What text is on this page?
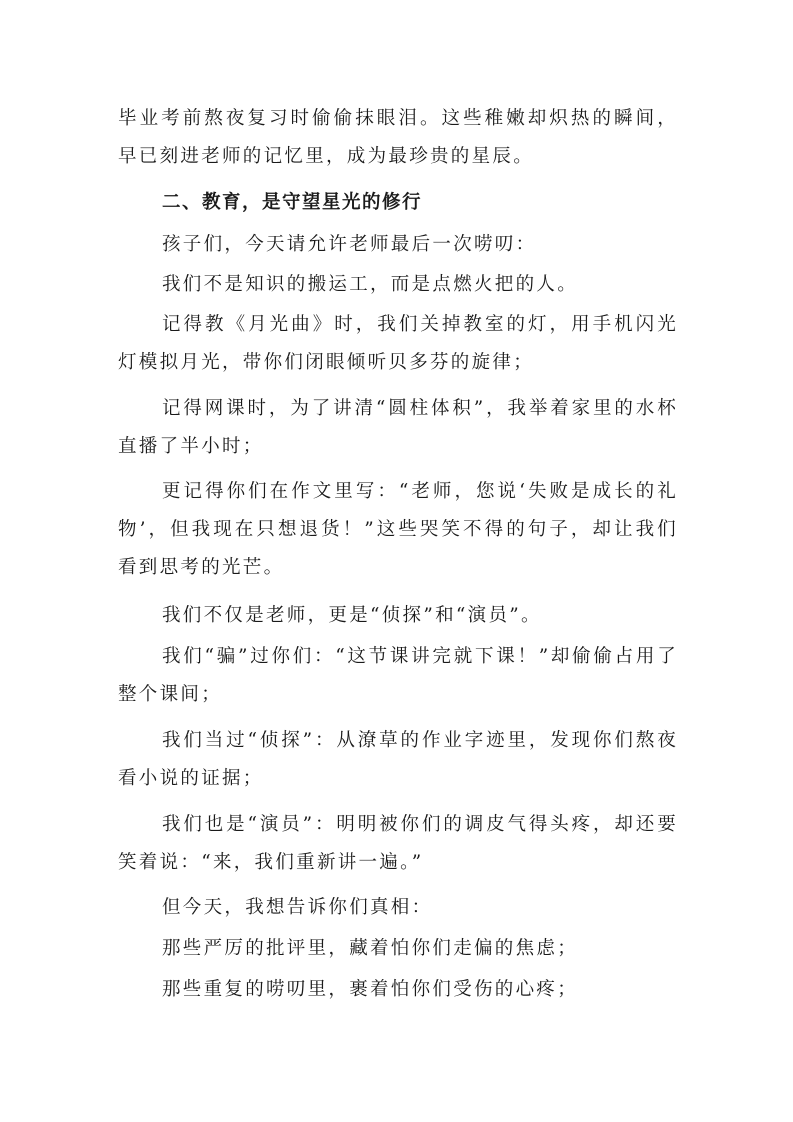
毕业考前熬夜复习时偷偷抹眼泪。这些稚嫩却炽热的瞬间，早已刻进老师的记忆里，成为最珍贵的星辰。

二、教育，是守望星光的修行

孩子们，今天请允许老师最后一次唠叨：

我们不是知识的搬运工，而是点燃火把的人。

记得教《月光曲》时，我们关掉教室的灯，用手机闪光灯模拟月光，带你们闭眼倾听贝多芬的旋律；

记得网课时，为了讲清“圆柱体积”，我举着家里的水杯直播了半小时；

更记得你们在作文里写：“老师，您说‘失败是成长的礼物’，但我现在只想退货！”这些哭笑不得的句子，却让我们看到思考的光芒。

我们不仅是老师，更是“侦探”和“演员”。

我们“骗”过你们：“这节课讲完就下课！”却偷偷占用了整个课间；

我们当过“侦探”：从潦草的作业字迹里，发现你们熬夜看小说的证据；

我们也是“演员”：明明被你们的调皮气得头疼，却还要笑着说：“来，我们重新讲一遍。”

但今天，我想告诉你们真相：

那些严厉的批评里，藏着怕你们走偏的焦虑；

那些重复的唠叨里，裹着怕你们受伤的心疼；
